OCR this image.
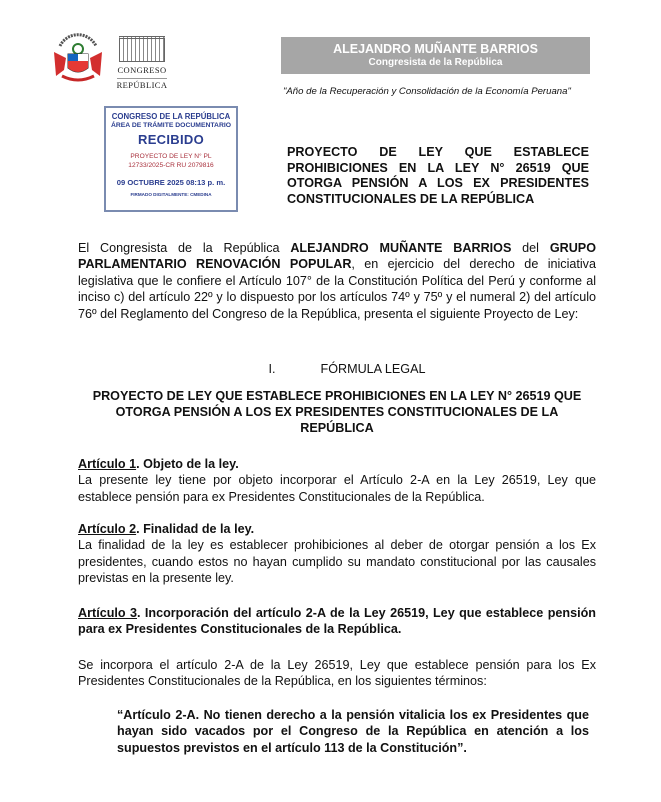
CONGRESO
REPÚBLICA
ALEJANDRO MUÑANTE BARRIOS
Congresista de la República
"Año de la Recuperación y Consolidación de la Economía Peruana"
CONGRESO DE LA REPÚBLICA
ÁREA DE TRÁMITE DOCUMENTARIO
RECIBIDO
PROYECTO DE LEY N° PL
12733/2025-CR RU 2079816
09 OCTUBRE 2025 08:13 p. m.
FIRMADO DIGITALMENTE: CMEDINA
PROYECTO DE LEY QUE ESTABLECE PROHIBICIONES EN LA LEY N° 26519 QUE OTORGA PENSIÓN A LOS EX PRESIDENTES CONSTITUCIONALES DE LA REPÚBLICA
El Congresista de la República ALEJANDRO MUÑANTE BARRIOS del GRUPO PARLAMENTARIO RENOVACIÓN POPULAR, en ejercicio del derecho de iniciativa legislativa que le confiere el Artículo 107° de la Constitución Política del Perú y conforme al inciso c) del artículo 22º y lo dispuesto por los artículos 74º y 75º y el numeral 2) del artículo 76º del Reglamento del Congreso de la República, presenta el siguiente Proyecto de Ley:
I.	FÓRMULA LEGAL
PROYECTO DE LEY QUE ESTABLECE PROHIBICIONES EN LA LEY N° 26519 QUE OTORGA PENSIÓN A LOS EX PRESIDENTES CONSTITUCIONALES DE LA REPÚBLICA
Artículo 1. Objeto de la ley.
La presente ley tiene por objeto incorporar el Artículo 2-A en la Ley 26519, Ley que establece pensión para ex Presidentes Constitucionales de la República.
Artículo 2. Finalidad de la ley.
La finalidad de la ley es establecer prohibiciones al deber de otorgar pensión a los Ex presidentes, cuando estos no hayan cumplido su mandato constitucional por las causales previstas en la presente ley.
Artículo 3. Incorporación del artículo 2-A de la Ley 26519, Ley que establece pensión para ex Presidentes Constitucionales de la República.
Se incorpora el artículo 2-A de la Ley 26519, Ley que establece pensión para los Ex Presidentes Constitucionales de la República, en los siguientes términos:
“Artículo 2-A. No tienen derecho a la pensión vitalicia los ex Presidentes que hayan sido vacados por el Congreso de la República en atención a los supuestos previstos en el artículo 113 de la Constitución”.
